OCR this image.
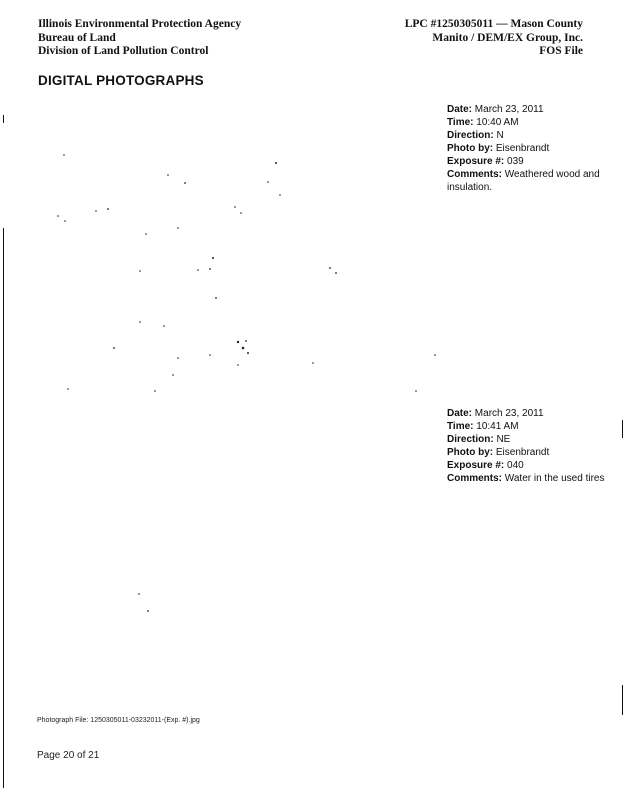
Illinois Environmental Protection Agency
Bureau of Land
Division of Land Pollution Control
LPC #1250305011 — Mason County
Manito / DEM/EX Group, Inc.
FOS File
DIGITAL PHOTOGRAPHS
Date: March 23, 2011
Time: 10:40 AM
Direction: N
Photo by: Eisenbrandt
Exposure #: 039
Comments: Weathered wood and insulation.
Date: March 23, 2011
Time: 10:41 AM
Direction: NE
Photo by: Eisenbrandt
Exposure #: 040
Comments: Water in the used tires
Photograph File: 1250305011-03232011-(Exp. #).jpg
Page 20 of 21
